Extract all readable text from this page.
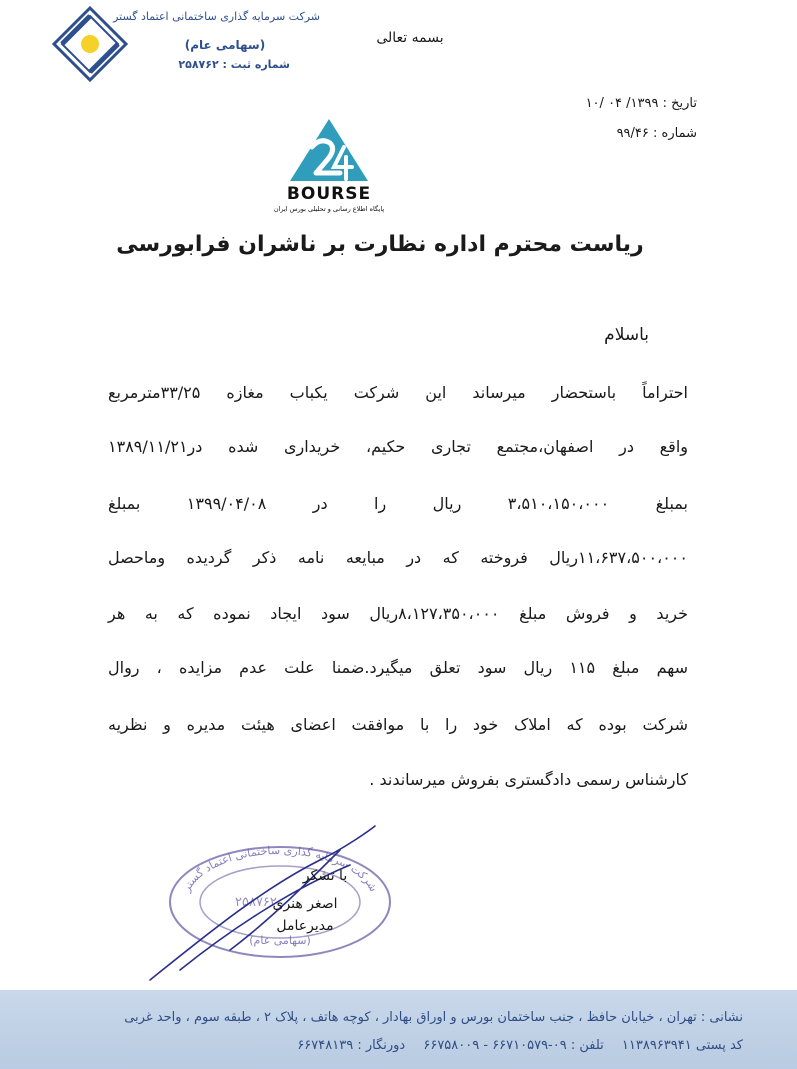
شرکت سرمایه گذاری ساختمانی اعتماد گستر
(سهامی عام)
شماره ثبت : ۲۵۸۷۶۲
بسمه تعالی
تاریخ : ۱۳۹۹/ ۰۴ /۱۰
شماره : ۹۹/۴۶
BOURSE
پایگاه اطلاع رسانی و تحلیلی بورس ایران
ریاست محترم اداره نظارت بر ناشران فرابورسی
باسلام
احتراماً باستحضار میرساند این شرکت یکباب مغازه ۳۳/۲۵مترمربع
واقع در اصفهان،مجتمع تجاری حکیم، خریداری شده در۱۳۸۹/۱۱/۲۱
بمبلغ ۳،۵۱۰،۱۵۰،۰۰۰ ریال را در ۱۳۹۹/۰۴/۰۸ بمبلغ
۱۱،۶۳۷،۵۰۰،۰۰۰ریال فروخته که در مبایعه نامه ذکر گردیده وماحصل
خرید و فروش مبلغ ۸،۱۲۷،۳۵۰،۰۰۰ریال سود ایجاد نموده که به هر
سهم مبلغ ۱۱۵ ریال سود تعلق میگیرد.ضمنا علت عدم مزایده ، روال
شرکت بوده که املاک خود را با موافقت اعضای هیئت مدیره و نظریه
کارشناس رسمی دادگستری بفروش میرساندند .
شرکت سرمایه گذاری ساختمانی اعتماد گستر
۲۵۸۷۶۲
(سهامی عام)
با تشکر
اصغر هنری
مدیرعامل
نشانی : تهران ، خیابان حافظ ، جنب ساختمان بورس و اوراق بهادار ، کوچه هاتف ، پلاک ۲ ، طبقه سوم ، واحد غربی
کد پستی ۱۱۳۸۹۶۳۹۴۱ تلفن : ۰۹-۶۶۷۱۰۵۷۹ - ۶۶۷۵۸۰۰۹ دورنگار : ۶۶۷۴۸۱۳۹
